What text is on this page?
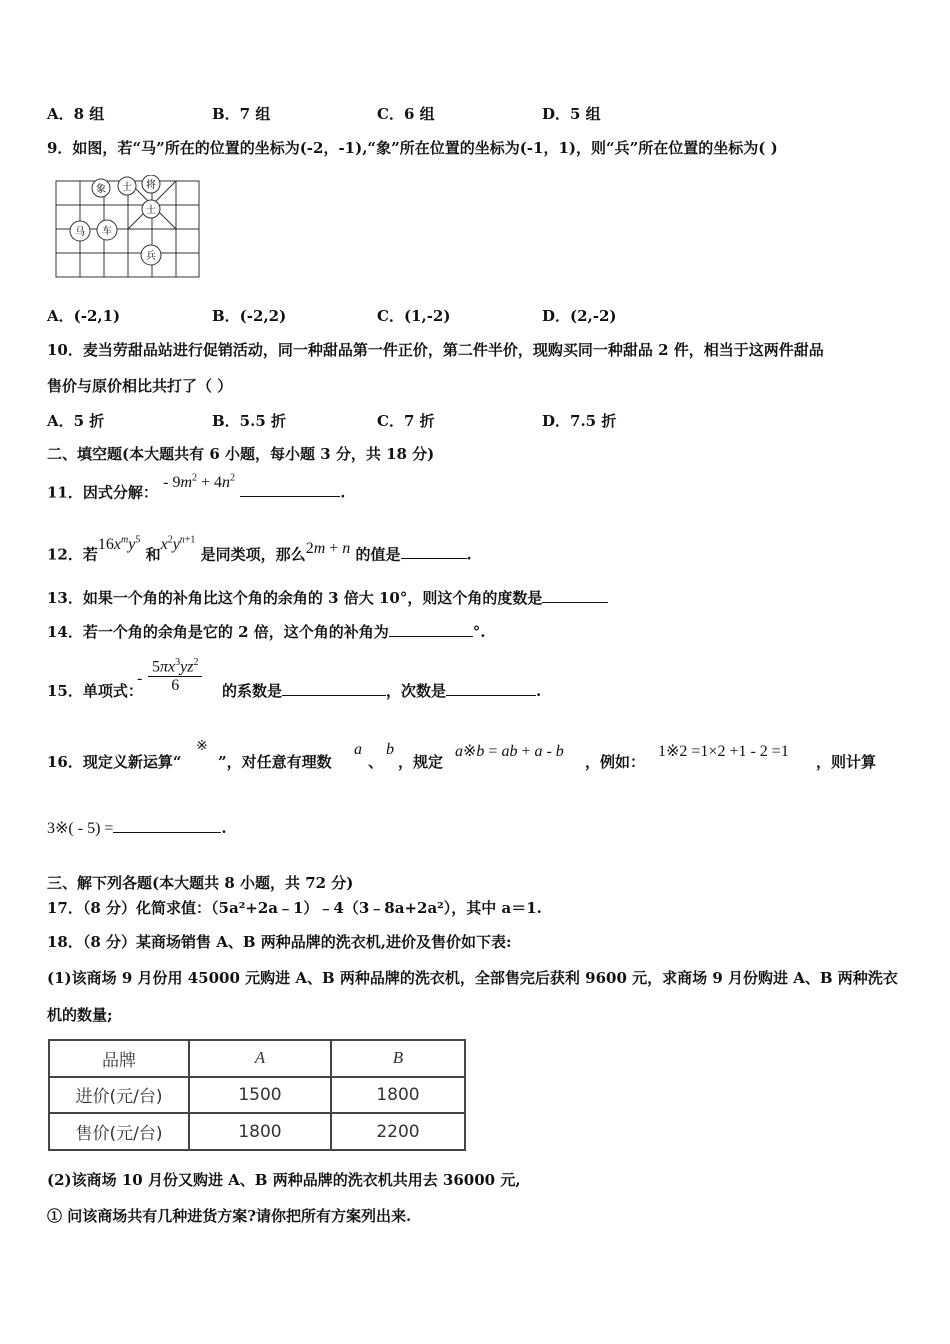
A．8 组	B．7 组	C．6 组	D．5 组
9．如图，若“马”所在的位置的坐标为(-2，-1),“象”所在位置的坐标为(-1，1)，则“兵”所在位置的坐标为( )
象 士 将
士
马 车
兵
A．(-2,1)	B．(-2,2)	C．(1,-2)	D．(2,-2)
10．麦当劳甜品站进行促销活动，同一种甜品第一件正价，第二件半价，现购买同一种甜品 2 件，相当于这两件甜品
售价与原价相比共打了（ ）
A．5 折	B．5.5 折	C．7 折	D．7.5 折
二、填空题(本大题共有 6 小题，每小题 3 分，共 18 分)
11．因式分解： - $9m^2 + 4n^2$ .
12．若$16x^my^5$ 和$x^2y^{n+1}$ 是同类项，那么2m + n 的值是	.
13．如果一个角的补角比这个角的余角的 3 倍大 10°，则这个角的度数是
14．若一个角的余角是它的 2 倍，这个角的补角为	°.
15．单项式：
- $\frac{5\pi x^3yz^2}{6}$ 的系数是	，次数是	.
16．现定义新运算“
※
”，对任意有理数
a
、
b
，规定
a※b = ab + a - b
，例如：
1※2 =1×2 +1 - 2 =1
，则计算
3※( - 5) =	.
三、解下列各题(本大题共 8 小题，共 72 分)
17．（8 分）化简求值：（5a²+2a﹣1）﹣4（3﹣8a+2a²），其中 a＝1.
18．（8 分）某商场销售 A、B 两种品牌的洗衣机,进价及售价如下表:
(1)该商场 9 月份用 45000 元购进 A、B 两种品牌的洗衣机，全部售完后获利 9600 元，求商场 9 月份购进 A、B 两种洗衣
机的数量;
品牌	A	B
进价(元/台)	1500	1800
售价(元/台)	1800	2200
(2)该商场 10 月份又购进 A、B 两种品牌的洗衣机共用去 36000 元,
① 问该商场共有几种进货方案?请你把所有方案列出来.
